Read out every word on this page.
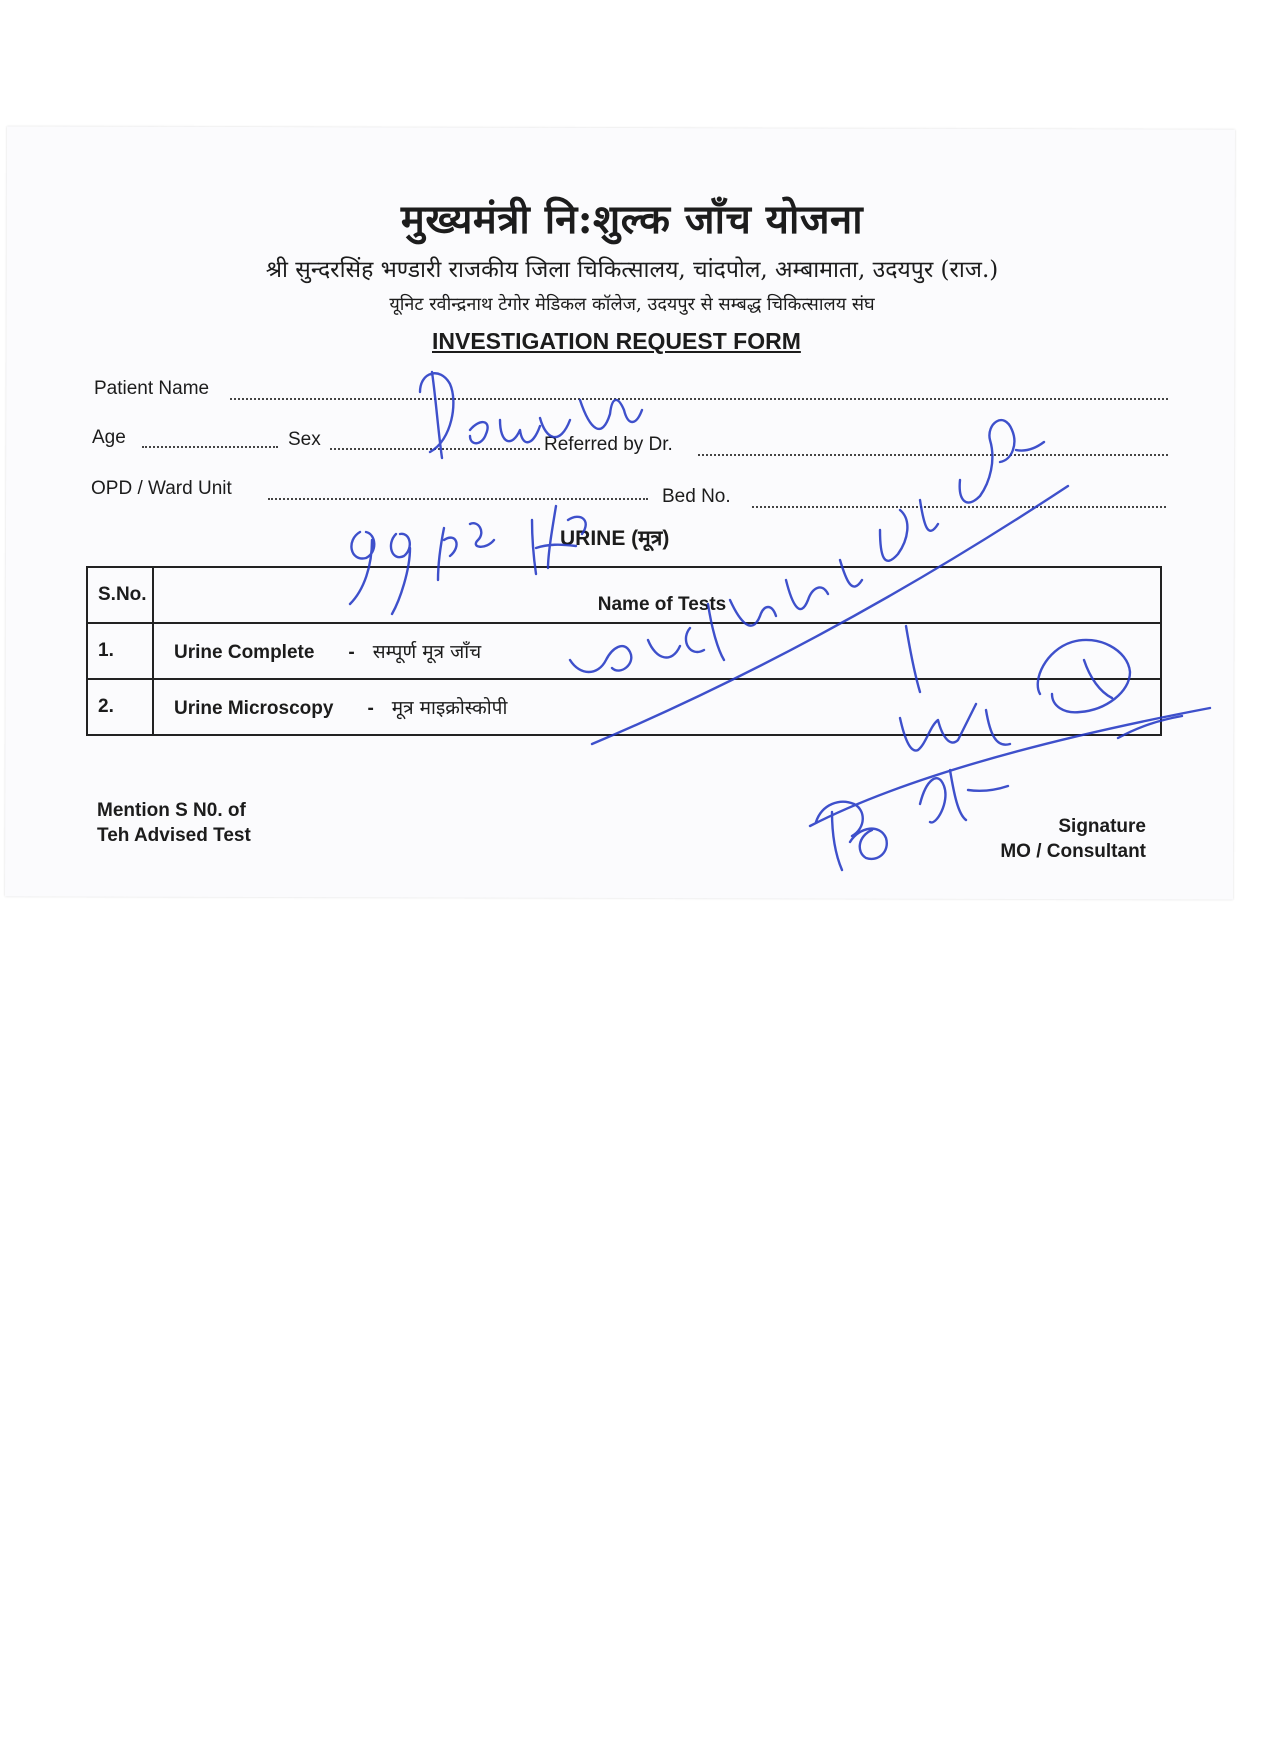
मुख्यमंत्री नि:शुल्क जाँच योजना
श्री सुन्दरसिंह भण्डारी राजकीय जिला चिकित्सालय, चांदपोल, अम्बामाता, उदयपुर (राज.)
यूनिट रवीन्द्रनाथ टेगोर मेडिकल कॉलेज, उदयपुर से सम्बद्ध चिकित्सालय संघ
INVESTIGATION REQUEST FORM
Patient Name
Age	Sex	Referred by Dr.
OPD / Ward Unit	Bed No.
URINE (मूत्र)
S.No.	Name of Tests
1.	Urine Complete - सम्पूर्ण मूत्र जाँच
2.	Urine Microscopy - मूत्र माइक्रोस्कोपी
Mention S N0. of
Teh Advised Test	Signature
MO / Consultant
